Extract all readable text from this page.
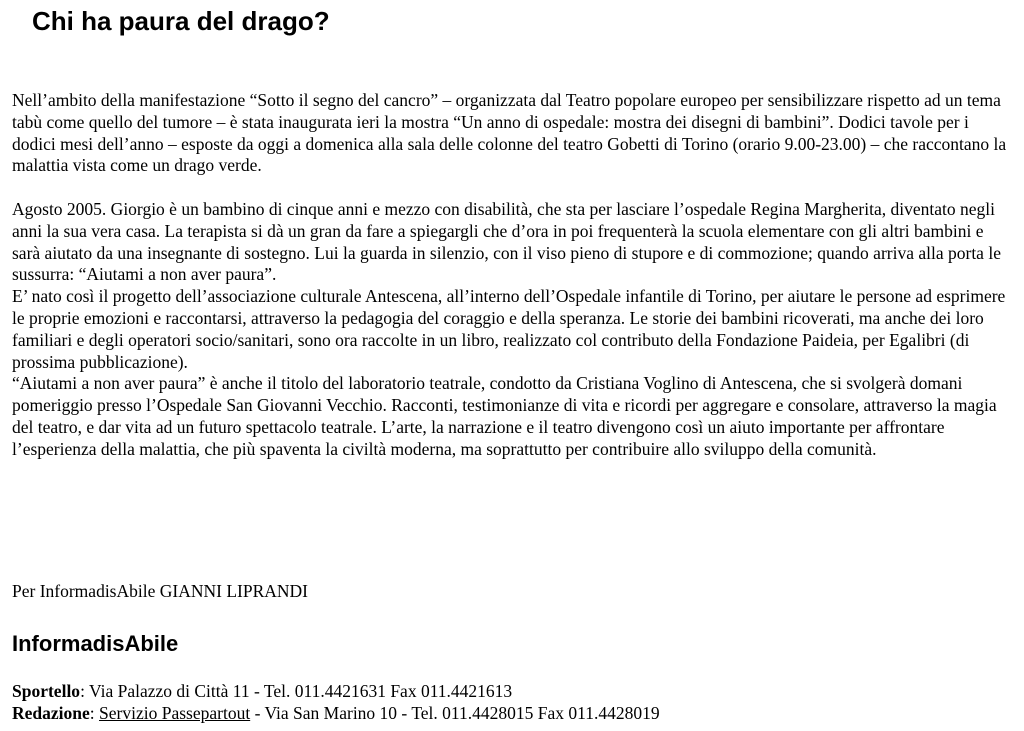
Chi ha paura del drago?

Nell’ambito della manifestazione “Sotto il segno del cancro” – organizzata dal Teatro popolare europeo per sensibilizzare rispetto ad un tema tabù come quello del tumore – è stata inaugurata ieri la mostra “Un anno di ospedale: mostra dei disegni di bambini”. Dodici tavole per i dodici mesi dell’anno – esposte da oggi a domenica alla sala delle colonne del teatro Gobetti di Torino (orario 9.00-23.00) – che raccontano la malattia vista come un drago verde.

Agosto 2005. Giorgio è un bambino di cinque anni e mezzo con disabilità, che sta per lasciare l’ospedale Regina Margherita, diventato negli anni la sua vera casa. La terapista si dà un gran da fare a spiegargli che d’ora in poi frequenterà la scuola elementare con gli altri bambini e sarà aiutato da una insegnante di sostegno. Lui la guarda in silenzio, con il viso pieno di stupore e di commozione; quando arriva alla porta le sussurra: “Aiutami a non aver paura”.

E’ nato così il progetto dell’associazione culturale Antescena, all’interno dell’Ospedale infantile di Torino, per aiutare le persone ad esprimere le proprie emozioni e raccontarsi, attraverso la pedagogia del coraggio e della speranza. Le storie dei bambini ricoverati, ma anche dei loro familiari e degli operatori socio/sanitari, sono ora raccolte in un libro, realizzato col contributo della Fondazione Paideia, per Egalibri (di prossima pubblicazione).

“Aiutami a non aver paura” è anche il titolo del laboratorio teatrale, condotto da Cristiana Voglino di Antescena, che si svolgerà domani pomeriggio presso l’Ospedale San Giovanni Vecchio. Racconti, testimonianze di vita e ricordi per aggregare e consolare, attraverso la magia del teatro, e dar vita ad un futuro spettacolo teatrale. L’arte, la narrazione e il teatro divengono così un aiuto importante per affrontare l’esperienza della malattia, che più spaventa la civiltà moderna, ma soprattutto per contribuire allo sviluppo della comunità.

Per InformadisAbile GIANNI LIPRANDI

InformadisAbile

Sportello: Via Palazzo di Città 11 - Tel. 011.4421631 Fax 011.4421613

Redazione: Servizio Passepartout - Via San Marino 10 - Tel. 011.4428015 Fax 011.4428019
